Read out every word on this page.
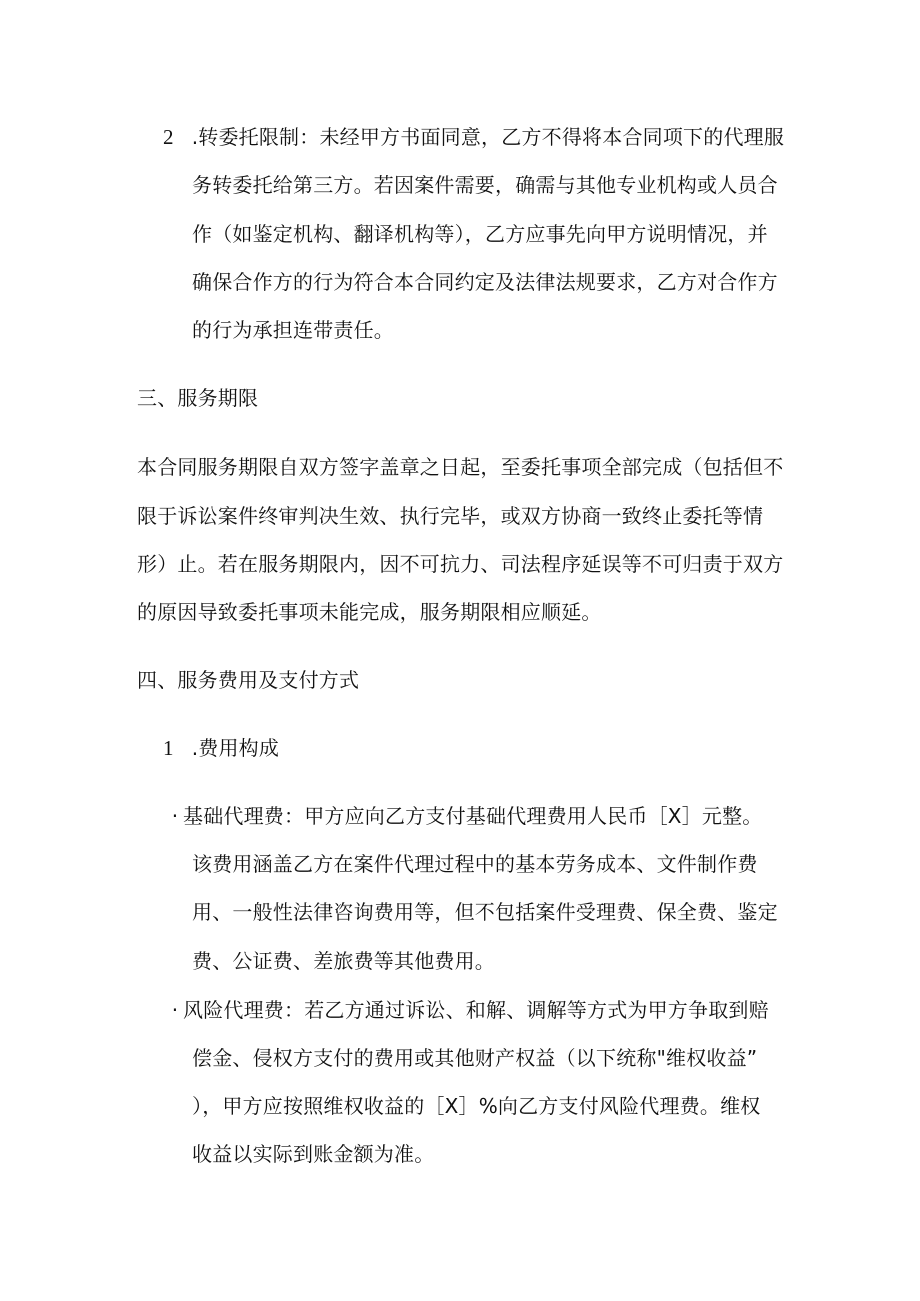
2 .转委托限制：未经甲方书面同意，乙方不得将本合同项下的代理服
务转委托给第三方。若因案件需要，确需与其他专业机构或人员合
作（如鉴定机构、翻译机构等），乙方应事先向甲方说明情况，并
确保合作方的行为符合本合同约定及法律法规要求，乙方对合作方
的行为承担连带责任。
三、服务期限
本合同服务期限自双方签字盖章之日起，至委托事项全部完成（包括但不
限于诉讼案件终审判决生效、执行完毕，或双方协商一致终止委托等情
形）止。若在服务期限内，因不可抗力、司法程序延误等不可归责于双方
的原因导致委托事项未能完成，服务期限相应顺延。
四、服务费用及支付方式
1 .费用构成
· 基础代理费：甲方应向乙方支付基础代理费用人民币［X］元整。
该费用涵盖乙方在案件代理过程中的基本劳务成本、文件制作费
用、一般性法律咨询费用等，但不包括案件受理费、保全费、鉴定
费、公证费、差旅费等其他费用。
· 风险代理费：若乙方通过诉讼、和解、调解等方式为甲方争取到赔
偿金、侵权方支付的费用或其他财产权益（以下统称"维权收益”
），甲方应按照维权收益的［X］%向乙方支付风险代理费。维权
收益以实际到账金额为准。
